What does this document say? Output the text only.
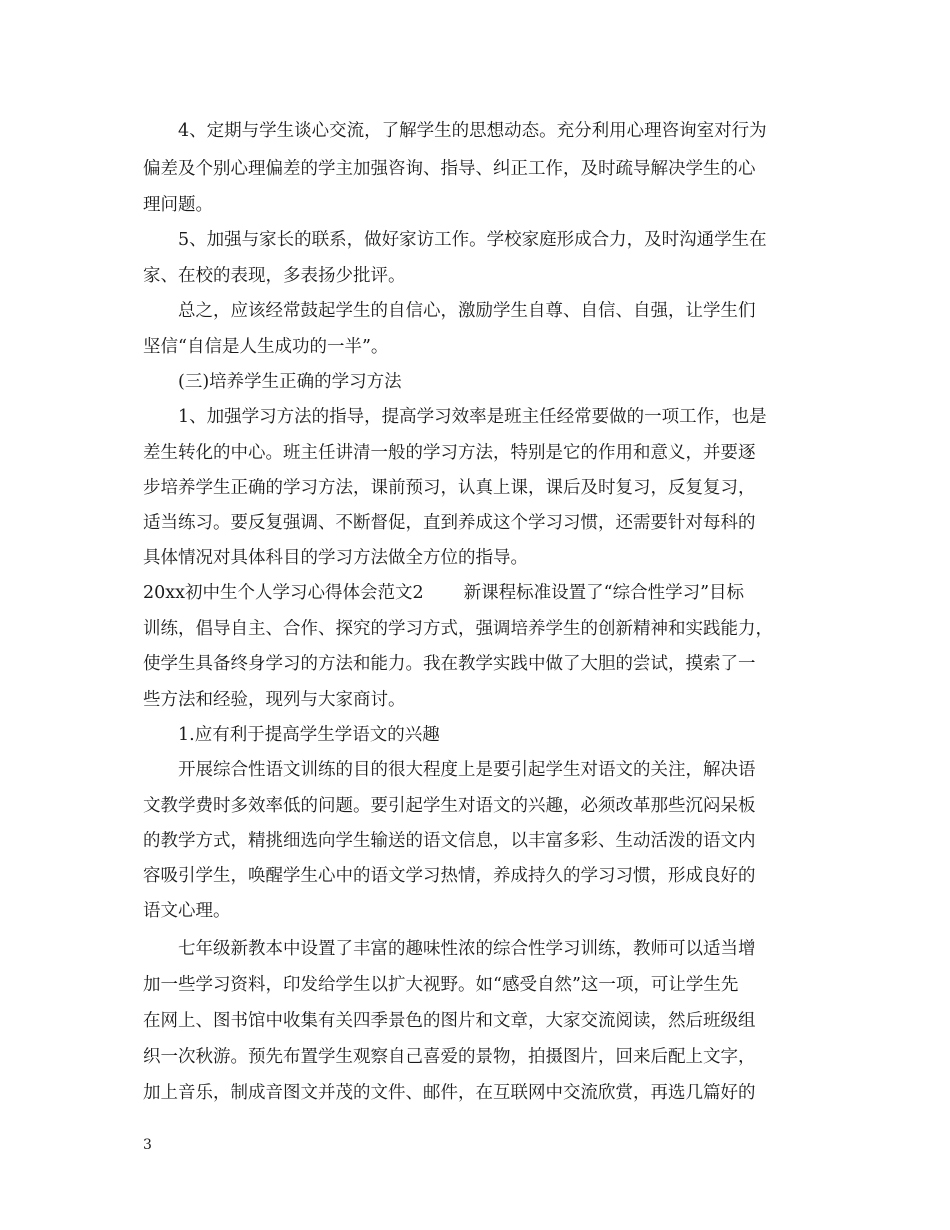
4、定期与学生谈心交流，了解学生的思想动态。充分利用心理咨询室对行为
偏差及个别心理偏差的学主加强咨询、指导、纠正工作，及时疏导解决学生的心
理问题。
5、加强与家长的联系，做好家访工作。学校家庭形成合力，及时沟通学生在
家、在校的表现，多表扬少批评。
总之，应该经常鼓起学生的自信心，激励学生自尊、自信、自强，让学生们
坚信“自信是人生成功的一半”。
(三)培养学生正确的学习方法
1、加强学习方法的指导，提高学习效率是班主任经常要做的一项工作，也是
差生转化的中心。班主任讲清一般的学习方法，特别是它的作用和意义，并要逐
步培养学生正确的学习方法，课前预习，认真上课，课后及时复习，反复复习，
适当练习。要反复强调、不断督促，直到养成这个学习习惯，还需要针对每科的
具体情况对具体科目的学习方法做全方位的指导。
20xx初中生个人学习心得体会范文2 新课程标准设置了“综合性学习”目标
训练，倡导自主、合作、探究的学习方式，强调培养学生的创新精神和实践能力，
使学生具备终身学习的方法和能力。我在教学实践中做了大胆的尝试，摸索了一
些方法和经验，现列与大家商讨。
1.应有利于提高学生学语文的兴趣
开展综合性语文训练的目的很大程度上是要引起学生对语文的关注，解决语
文教学费时多效率低的问题。要引起学生对语文的兴趣，必须改革那些沉闷呆板
的教学方式，精挑细选向学生输送的语文信息，以丰富多彩、生动活泼的语文内
容吸引学生，唤醒学生心中的语文学习热情，养成持久的学习习惯，形成良好的
语文心理。
七年级新教本中设置了丰富的趣味性浓的综合性学习训练，教师可以适当增
加一些学习资料，印发给学生以扩大视野。如“感受自然”这一项，可让学生先
在网上、图书馆中收集有关四季景色的图片和文章，大家交流阅读，然后班级组
织一次秋游。预先布置学生观察自己喜爱的景物，拍摄图片，回来后配上文字，
加上音乐，制成音图文并茂的文件、邮件，在互联网中交流欣赏，再选几篇好的
3
